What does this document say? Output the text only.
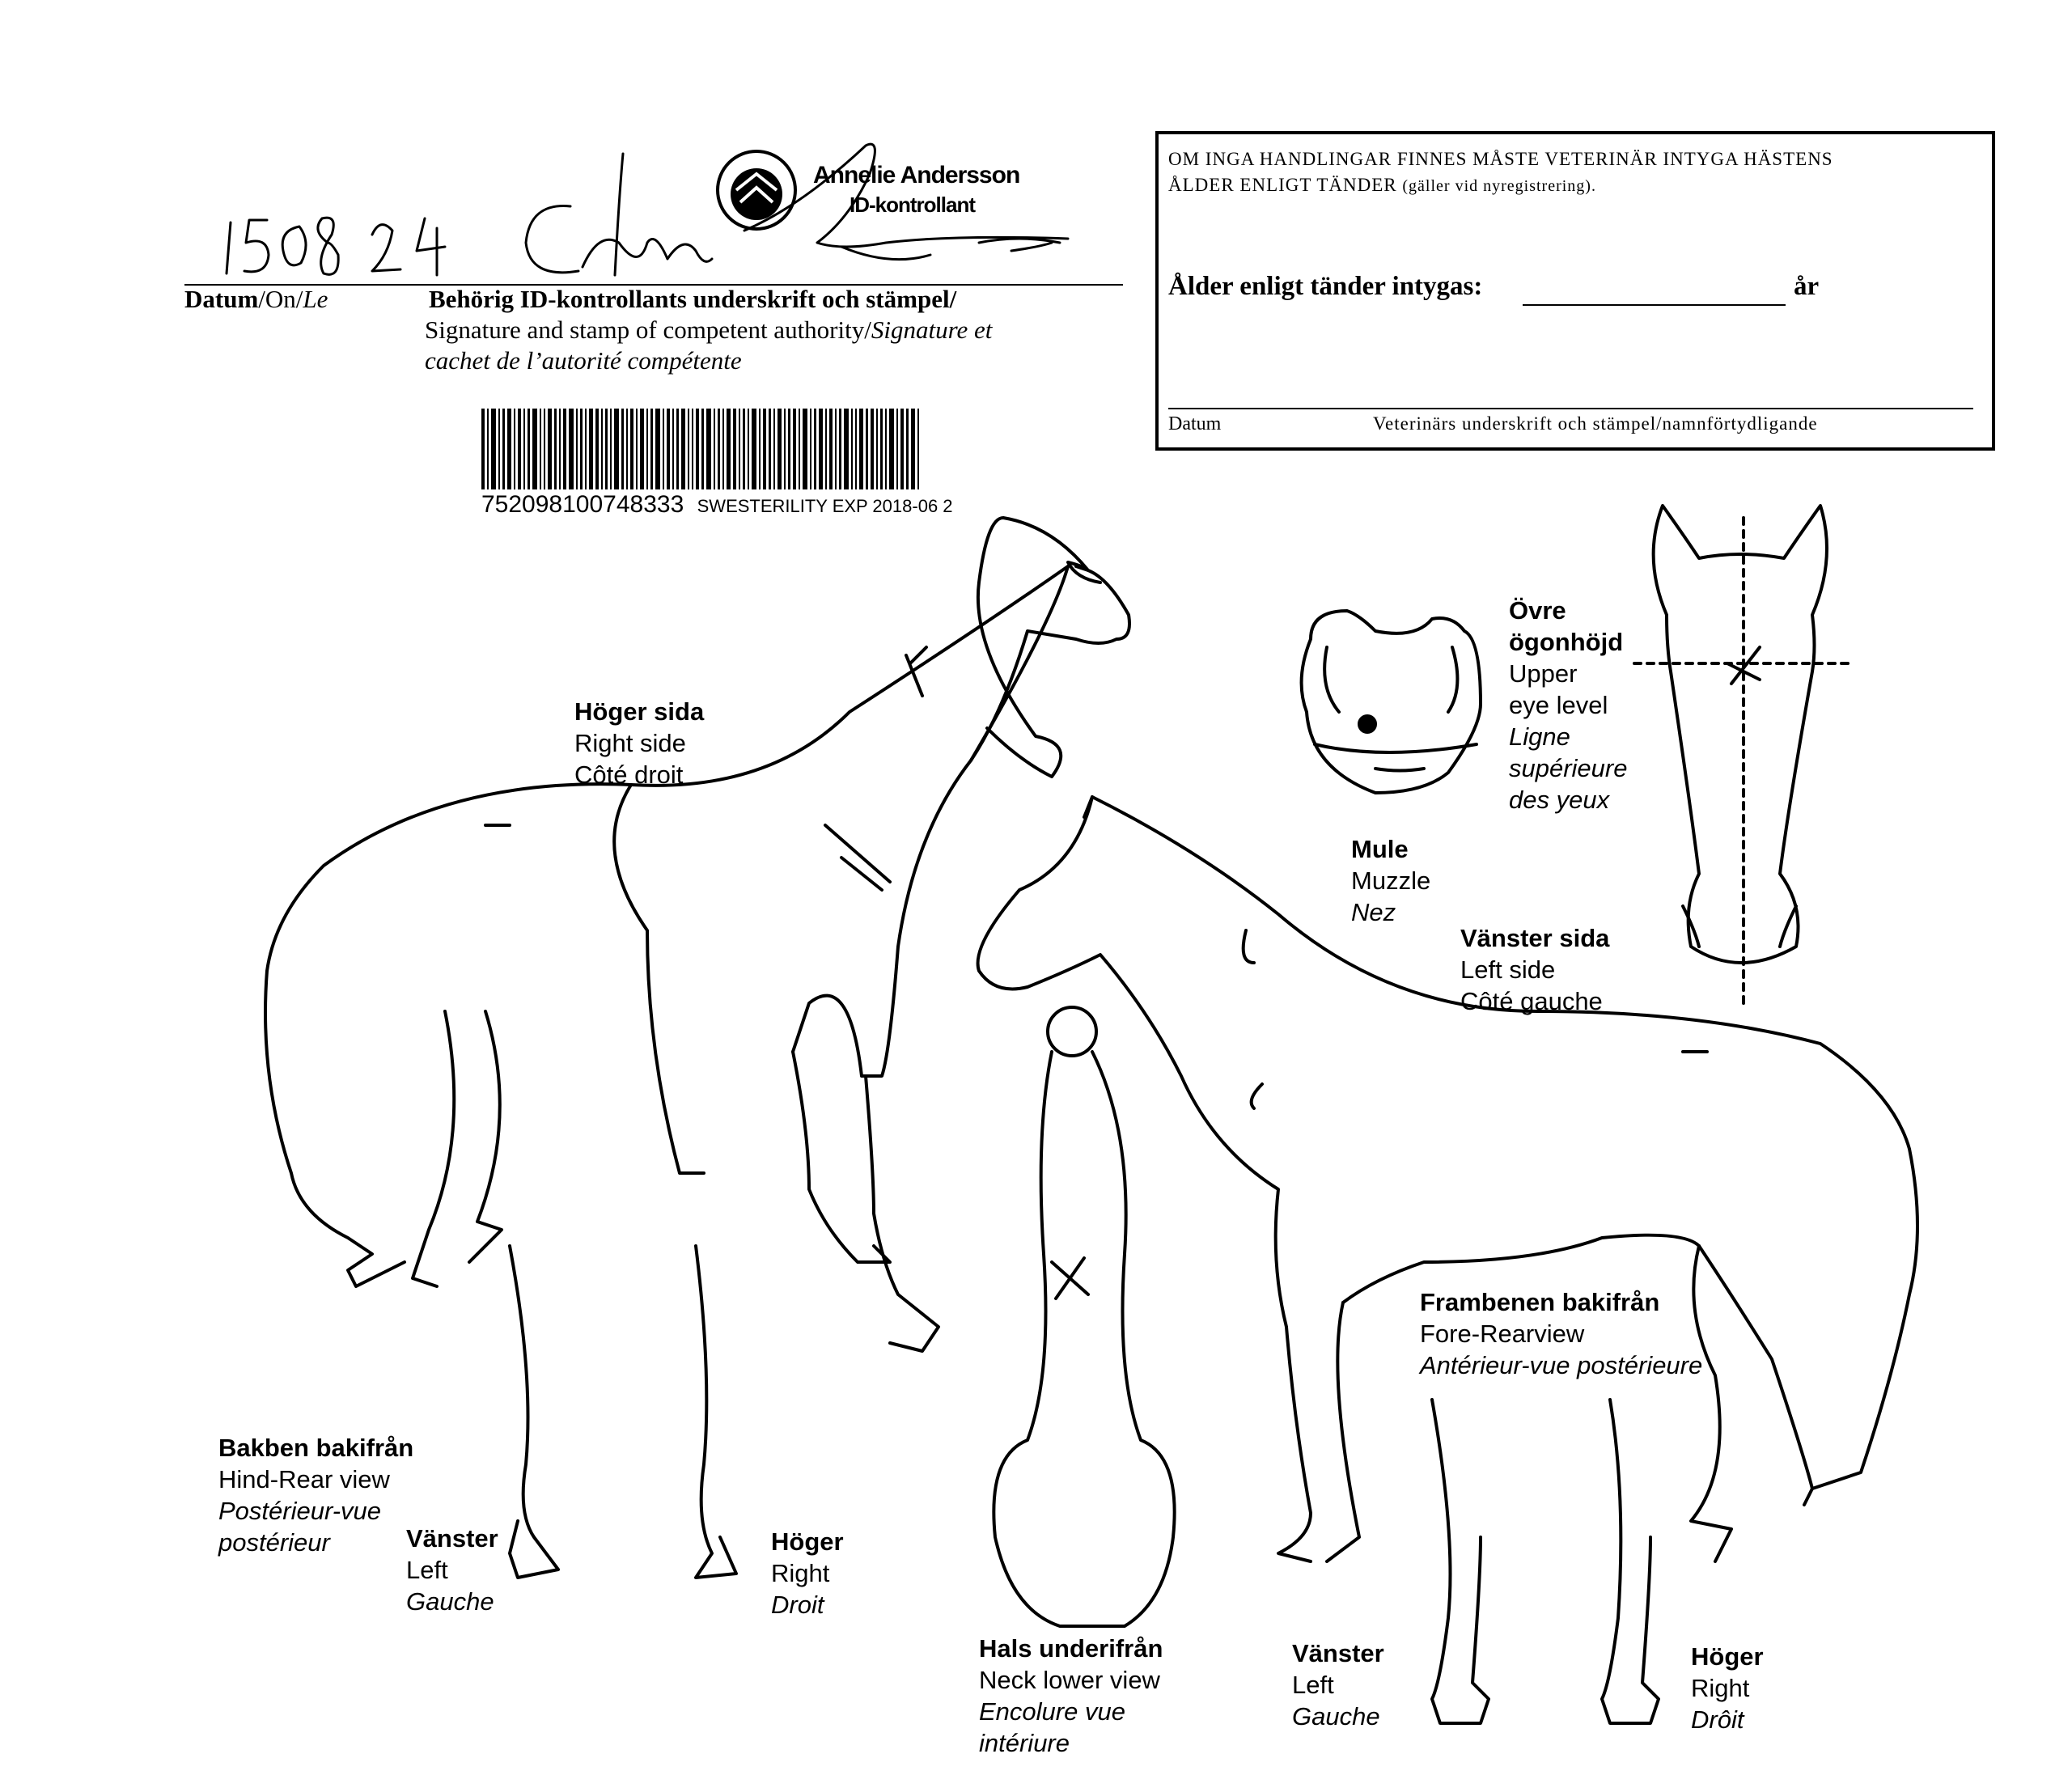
Annelie Andersson
ID-kontrollant
Datum/On/Le	Behörig ID-kontrollants underskrift och stämpel/
Signature and stamp of competent authority/Signature et
cachet de l’autorité compétente
752098100748333 SWESTERILITY EXP 2018-06 2
OM INGA HANDLINGAR FINNES MÅSTE VETERINÄR INTYGA HÄSTENS
ÅLDER ENLIGT TÄNDER (gäller vid nyregistrering).
Ålder enligt tänder intygas:	år
Datum	Veterinärs underskrift och stämpel/namnförtydligande
Höger sida
Right side
Côté droit
Mule
Muzzle
Nez
Övre
ögonhöjd
Upper
eye level
Ligne
supérieure
des yeux
Vänster sida
Left side
Côté gauche
Frambenen bakifrån
Fore-Rearview
Antérieur-vue postérieure
Bakben bakifrån
Hind-Rear view
Postérieur-vue
postérieur	Vänster
Left
Gauche
Höger
Right
Droit
Hals underifrån
Neck lower view
Encolure vue
intériure
Vänster
Left
Gauche
Höger
Right
Drôit
